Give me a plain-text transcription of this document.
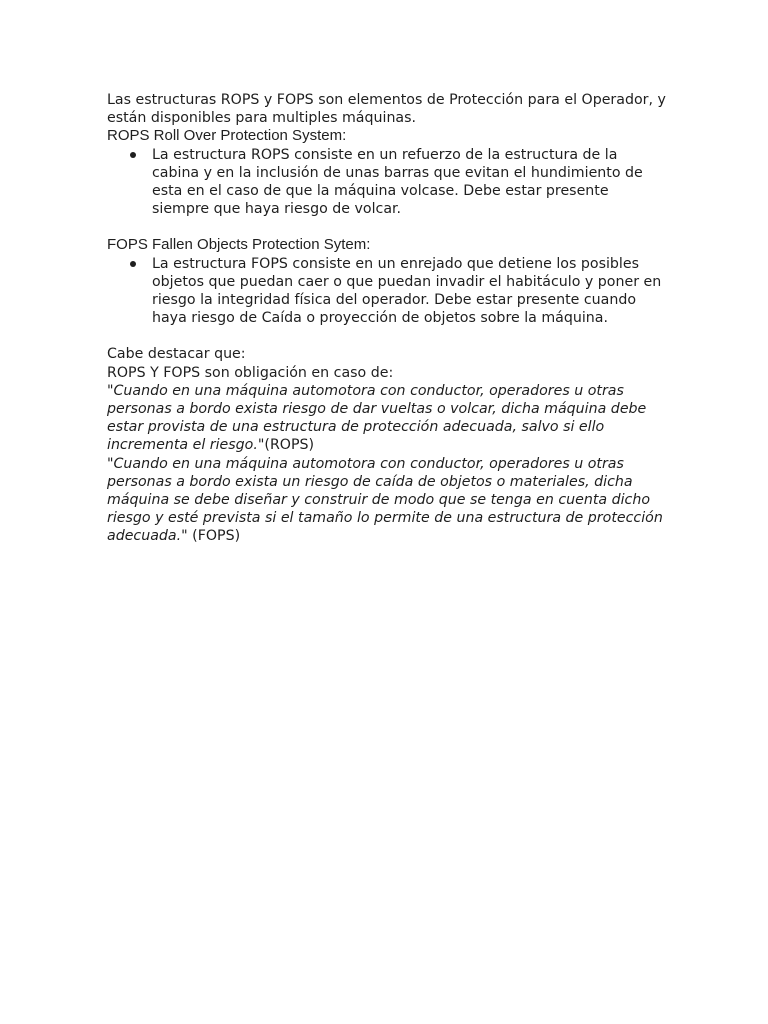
Las estructuras ROPS y FOPS son elementos de Protección para el Operador, y están disponibles para multiples máquinas.

ROPS Roll Over Protection System:

La estructura ROPS consiste en un refuerzo de la estructura de la cabina y en la inclusión de unas barras que evitan el hundimiento de esta en el caso de que la máquina volcase. Debe estar presente siempre que haya riesgo de volcar.

FOPS Fallen Objects Protection Sytem:

La estructura FOPS consiste en un enrejado que detiene los posibles objetos que puedan caer o que puedan invadir el habitáculo y poner en riesgo la integridad física del operador. Debe estar presente cuando haya riesgo de Caída o proyección de objetos sobre la máquina.

Cabe destacar que:

ROPS Y FOPS son obligación en caso de:

"Cuando en una máquina automotora con conductor, operadores u otras personas a bordo exista riesgo de dar vueltas o volcar, dicha máquina debe estar provista de una estructura de protección adecuada, salvo si ello incrementa el riesgo."(ROPS)

"Cuando en una máquina automotora con conductor, operadores u otras personas a bordo exista un riesgo de caída de objetos o materiales, dicha máquina se debe diseñar y construir de modo que se tenga en cuenta dicho riesgo y esté prevista si el tamaño lo permite de una estructura de protección adecuada." (FOPS)
